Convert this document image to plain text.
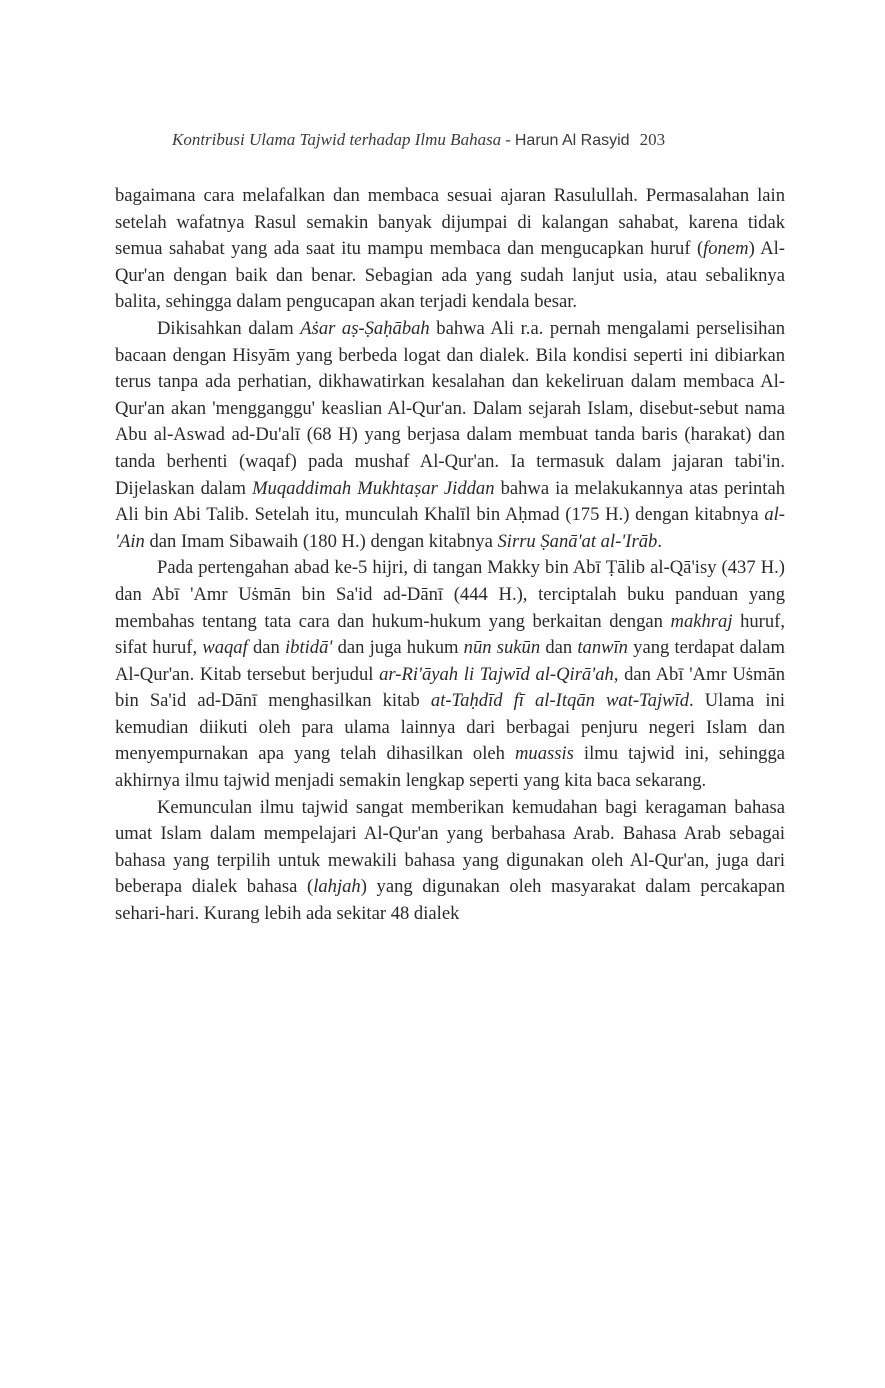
Kontribusi Ulama Tajwid terhadap Ilmu Bahasa - Harun Al Rasyid 203

bagaimana cara melafalkan dan membaca sesuai ajaran Rasulullah. Permasalahan lain setelah wafatnya Rasul semakin banyak dijumpai di kalangan sahabat, karena tidak semua sahabat yang ada saat itu mampu membaca dan mengucapkan huruf (fonem) Al-Qur'an dengan baik dan benar. Sebagian ada yang sudah lanjut usia, atau sebaliknya balita, sehingga dalam pengucapan akan terjadi kendala besar.

Dikisahkan dalam Aṡar aṣ-Ṣaḥābah bahwa Ali r.a. pernah mengalami perselisihan bacaan dengan Hisyām yang berbeda logat dan dialek. Bila kondisi seperti ini dibiarkan terus tanpa ada perhatian, dikhawatirkan kesalahan dan kekeliruan dalam membaca Al-Qur'an akan 'mengganggu' keaslian Al-Qur'an. Dalam sejarah Islam, disebut-sebut nama Abu al-Aswad ad-Du'alī (68 H) yang berjasa dalam membuat tanda baris (harakat) dan tanda berhenti (waqaf) pada mushaf Al-Qur'an. Ia termasuk dalam jajaran tabi'in. Dijelaskan dalam Muqaddimah Mukhtaṣar Jiddan bahwa ia melakukannya atas perintah Ali bin Abi Talib. Setelah itu, munculah Khalīl bin Aḥmad (175 H.) dengan kitabnya al-'Ain dan Imam Sibawaih (180 H.) dengan kitabnya Sirru Ṣanā'at al-'Irāb.

Pada pertengahan abad ke-5 hijri, di tangan Makky bin Abī Ṭālib al-Qā'isy (437 H.) dan Abī 'Amr Uṡmān bin Sa'id ad-Dānī (444 H.), terciptalah buku panduan yang membahas tentang tata cara dan hukum-hukum yang berkaitan dengan makhraj huruf, sifat huruf, waqaf dan ibtidā' dan juga hukum nūn sukūn dan tanwīn yang terdapat dalam Al-Qur'an. Kitab tersebut berjudul ar-Ri'āyah li Tajwīd al-Qirā'ah, dan Abī 'Amr Uṡmān bin Sa'id ad-Dānī menghasilkan kitab at-Taḥdīd fī al-Itqān wat-Tajwīd. Ulama ini kemudian diikuti oleh para ulama lainnya dari berbagai penjuru negeri Islam dan menyempurnakan apa yang telah dihasilkan oleh muassis ilmu tajwid ini, sehingga akhirnya ilmu tajwid menjadi semakin lengkap seperti yang kita baca sekarang.

Kemunculan ilmu tajwid sangat memberikan kemudahan bagi keragaman bahasa umat Islam dalam mempelajari Al-Qur'an yang berbahasa Arab. Bahasa Arab sebagai bahasa yang terpilih untuk mewakili bahasa yang digunakan oleh Al-Qur'an, juga dari beberapa dialek bahasa (lahjah) yang digunakan oleh masyarakat dalam percakapan sehari-hari. Kurang lebih ada sekitar 48 dialek
